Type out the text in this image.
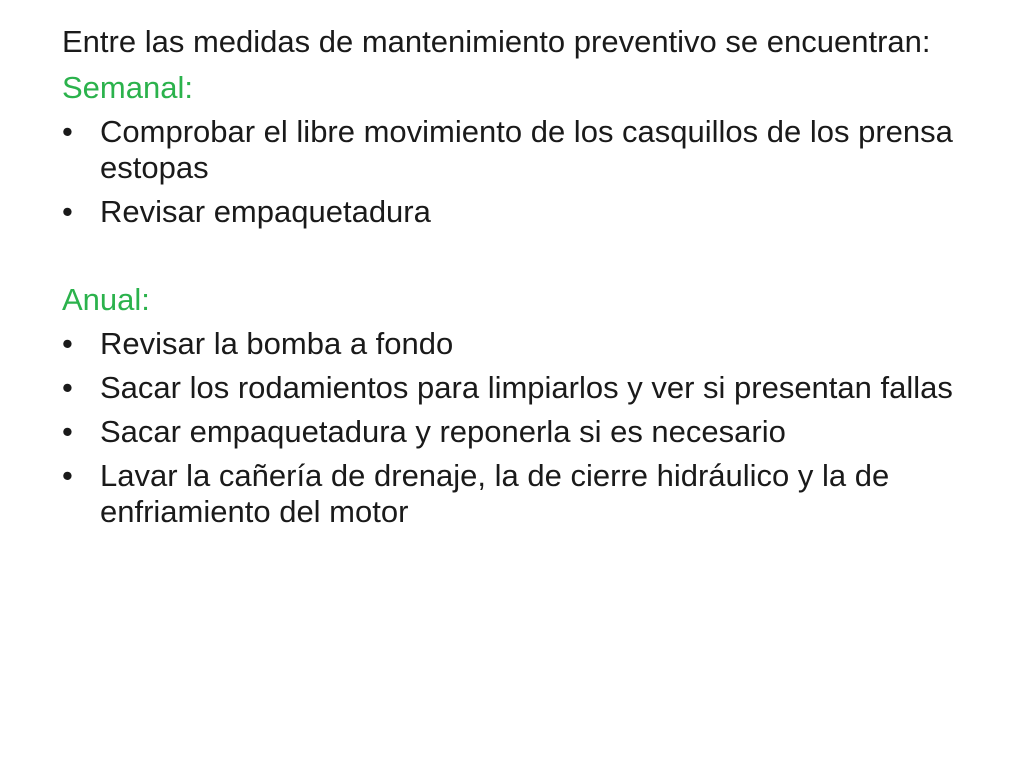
Entre las medidas de mantenimiento preventivo se encuentran:

Semanal:

• Comprobar el libre movimiento de los casquillos de los prensa estopas
• Revisar empaquetadura

Anual:

• Revisar la bomba a fondo
• Sacar los rodamientos para limpiarlos y ver si presentan fallas
• Sacar empaquetadura y reponerla si es necesario
• Lavar la cañería de drenaje, la de cierre hidráulico y la de enfriamiento del motor
